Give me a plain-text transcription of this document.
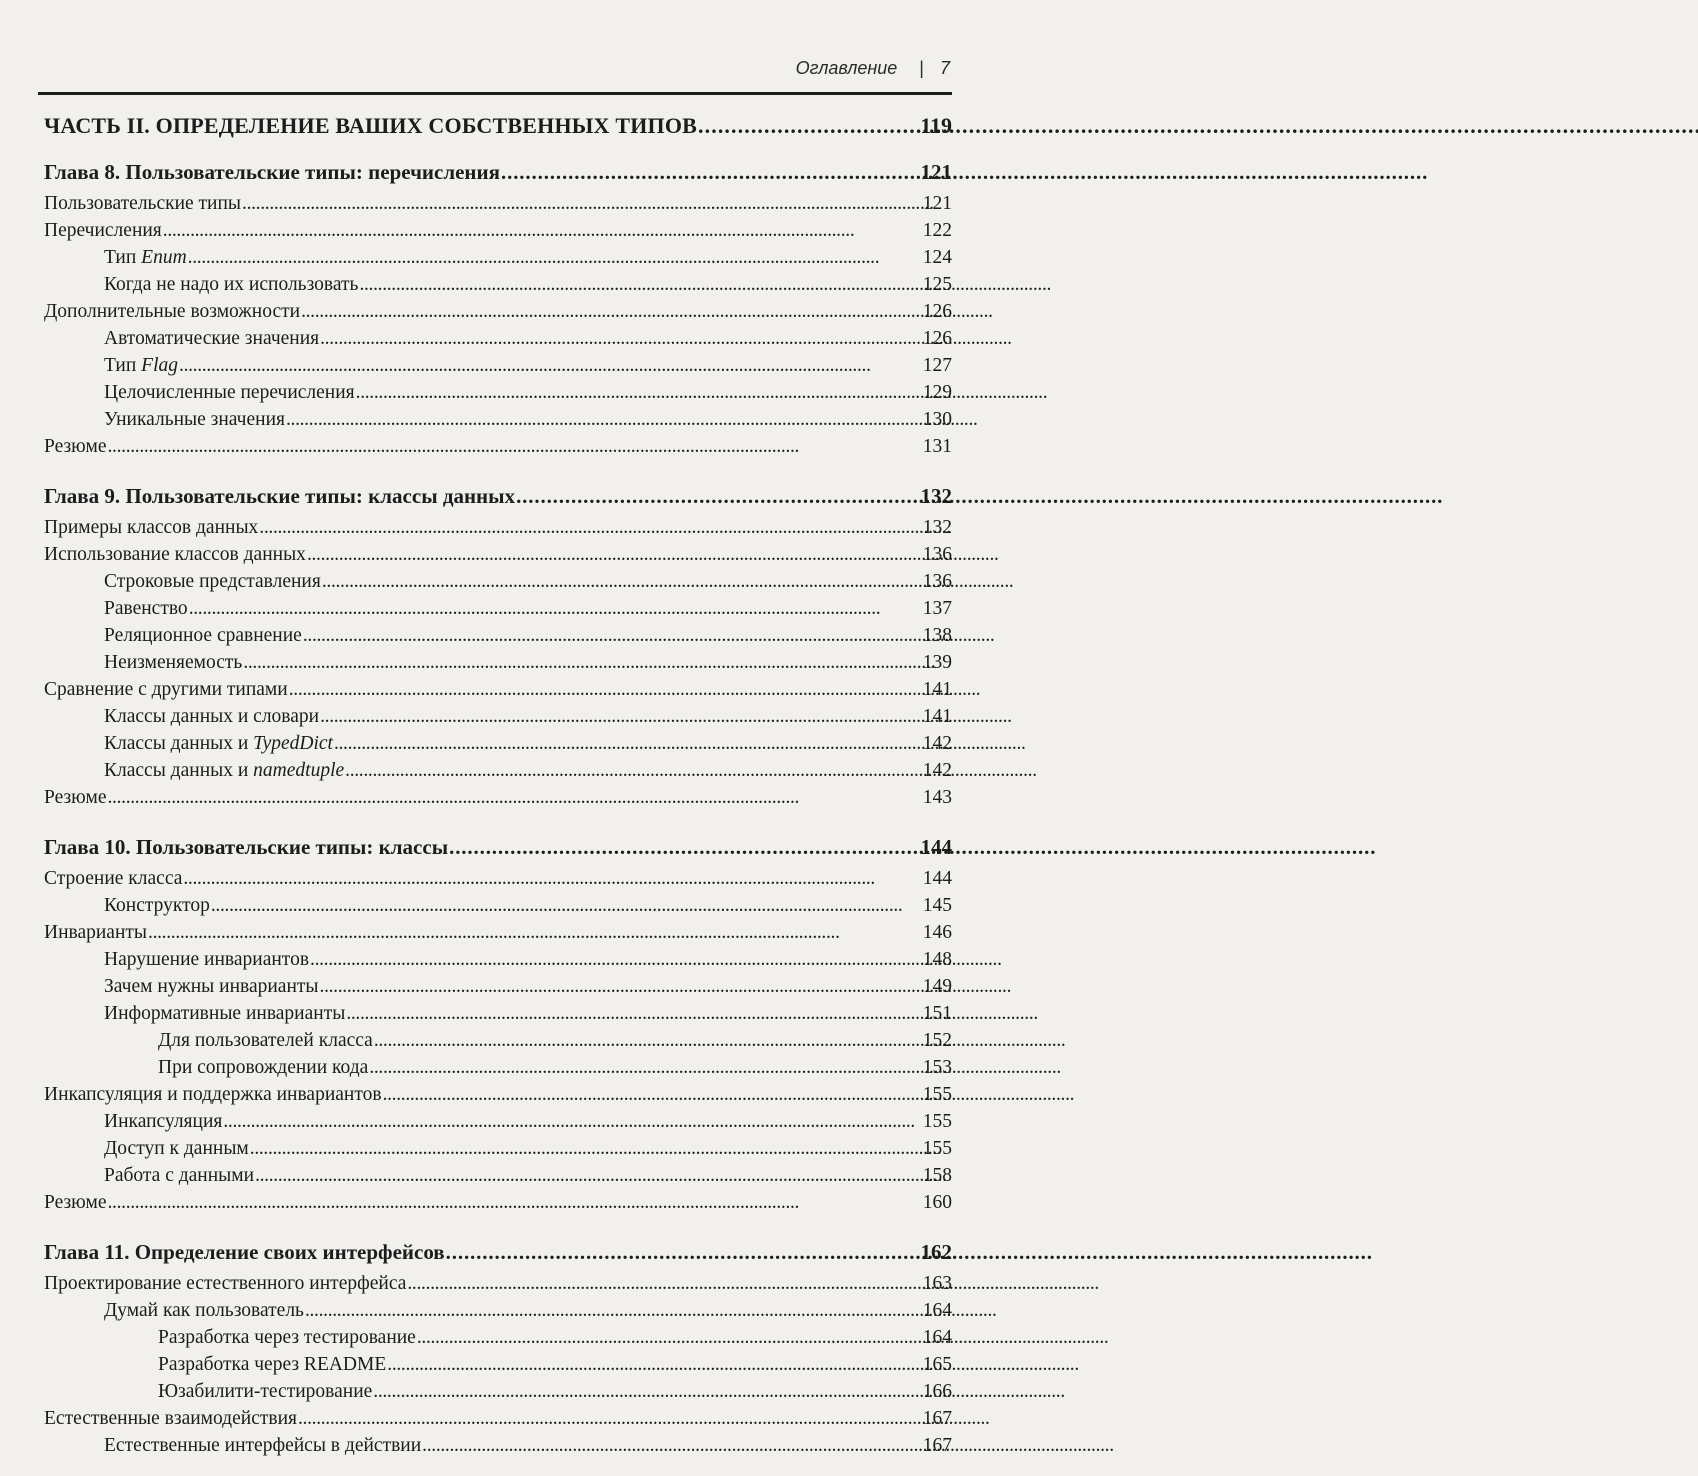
Оглавление | 7
ЧАСТЬ II. ОПРЕДЕЛЕНИЕ ВАШИХ СОБСТВЕННЫХ ТИПОВ . . .	119
Глава 8. Пользовательские типы: перечисления . . .	121
Пользовательские типы . . .	121
Перечисления . . .	122
Тип Enum . . .	124
Когда не надо их использовать . . .	125
Дополнительные возможности . . .	126
Автоматические значения . . .	126
Тип Flag . . .	127
Целочисленные перечисления . . .	129
Уникальные значения . . .	130
Резюме . . .	131
Глава 9. Пользовательские типы: классы данных . . .	132
Примеры классов данных . . .	132
Использование классов данных . . .	136
Строковые представления . . .	136
Равенство . . .	137
Реляционное сравнение . . .	138
Неизменяемость . . .	139
Сравнение с другими типами . . .	141
Классы данных и словари . . .	141
Классы данных и TypedDict . . .	142
Классы данных и namedtuple . . .	142
Резюме . . .	143
Глава 10. Пользовательские типы: классы . . .	144
Строение класса . . .	144
Конструктор . . .	145
Инварианты . . .	146
Нарушение инвариантов . . .	148
Зачем нужны инварианты . . .	149
Информативные инварианты . . .	151
Для пользователей класса . . .	152
При сопровождении кода . . .	153
Инкапсуляция и поддержка инвариантов . . .	155
Инкапсуляция . . .	155
Доступ к данным . . .	155
Работа с данными . . .	158
Резюме . . .	160
Глава 11. Определение своих интерфейсов . . .	162
Проектирование естественного интерфейса . . .	163
Думай как пользователь . . .	164
Разработка через тестирование . . .	164
Разработка через README . . .	165
Юзабилити-тестирование . . .	166
Естественные взаимодействия . . .	167
Естественные интерфейсы в действии . . .	167
